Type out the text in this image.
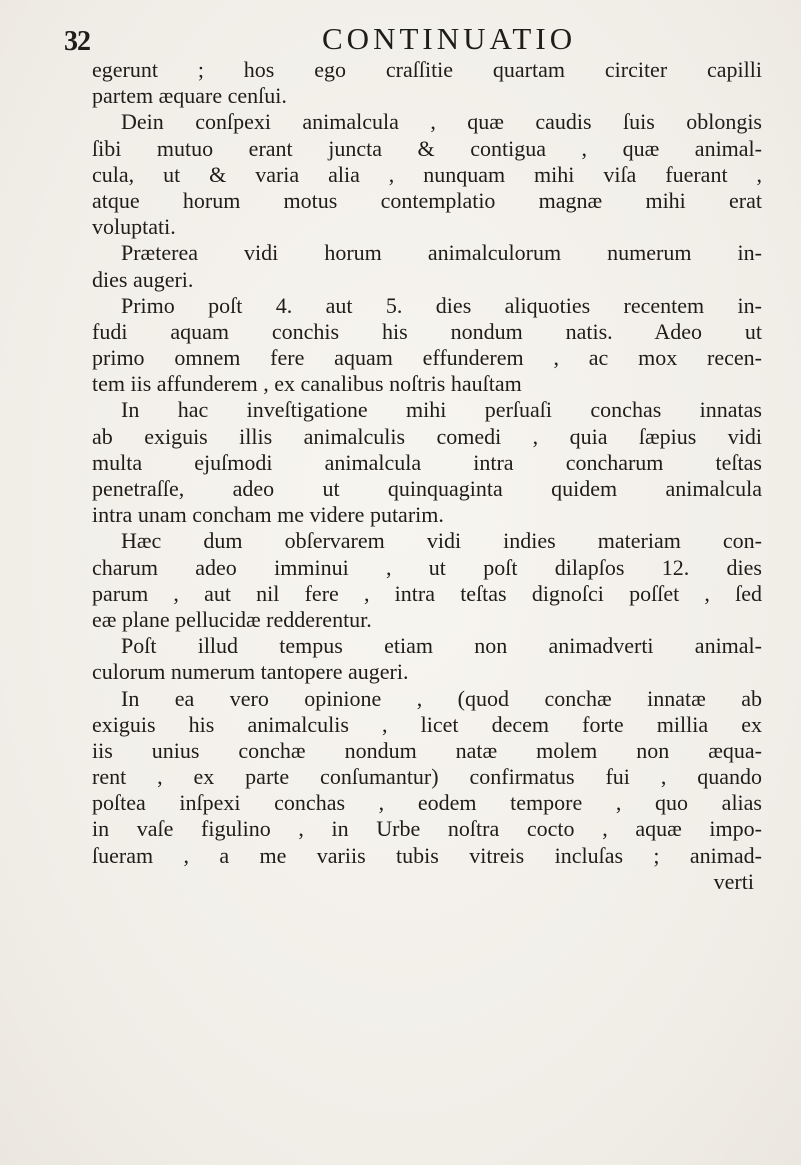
32	CONTINUATIO
egerunt ; hos ego craſſitie quartam circiter capilli
partem æquare cenſui.
Dein conſpexi animalcula , quæ caudis ſuis oblongis
ſibi mutuo erant juncta & contigua , quæ animal-
cula, ut & varia alia , nunquam mihi viſa fuerant ,
atque horum motus contemplatio magnæ mihi erat
voluptati.
Præterea vidi horum animalculorum numerum in-
dies augeri.
Primo poſt 4. aut 5. dies aliquoties recentem in-
fudi aquam conchis his nondum natis. Adeo ut
primo omnem fere aquam effunderem , ac mox recen-
tem iis affunderem , ex canalibus noſtris hauſtam
In hac inveſtigatione mihi perſuaſi conchas innatas
ab exiguis illis animalculis comedi , quia ſæpius vidi
multa ejuſmodi animalcula intra concharum teſtas
penetraſſe, adeo ut quinquaginta quidem animalcula
intra unam concham me videre putarim.
Hæc dum obſervarem vidi indies materiam con-
charum adeo imminui , ut poſt dilapſos 12. dies
parum , aut nil fere , intra teſtas dignoſci poſſet , ſed
eæ plane pellucidæ redderentur.
Poſt illud tempus etiam non animadverti animal-
culorum numerum tantopere augeri.
In ea vero opinione , (quod conchæ innatæ ab
exiguis his animalculis , licet decem forte millia ex
iis unius conchæ nondum natæ molem non æqua-
rent , ex parte conſumantur) confirmatus fui , quando
poſtea inſpexi conchas , eodem tempore , quo alias
in vaſe figulino , in Urbe noſtra cocto , aquæ impo-
ſueram , a me variis tubis vitreis incluſas ; animad-
verti
